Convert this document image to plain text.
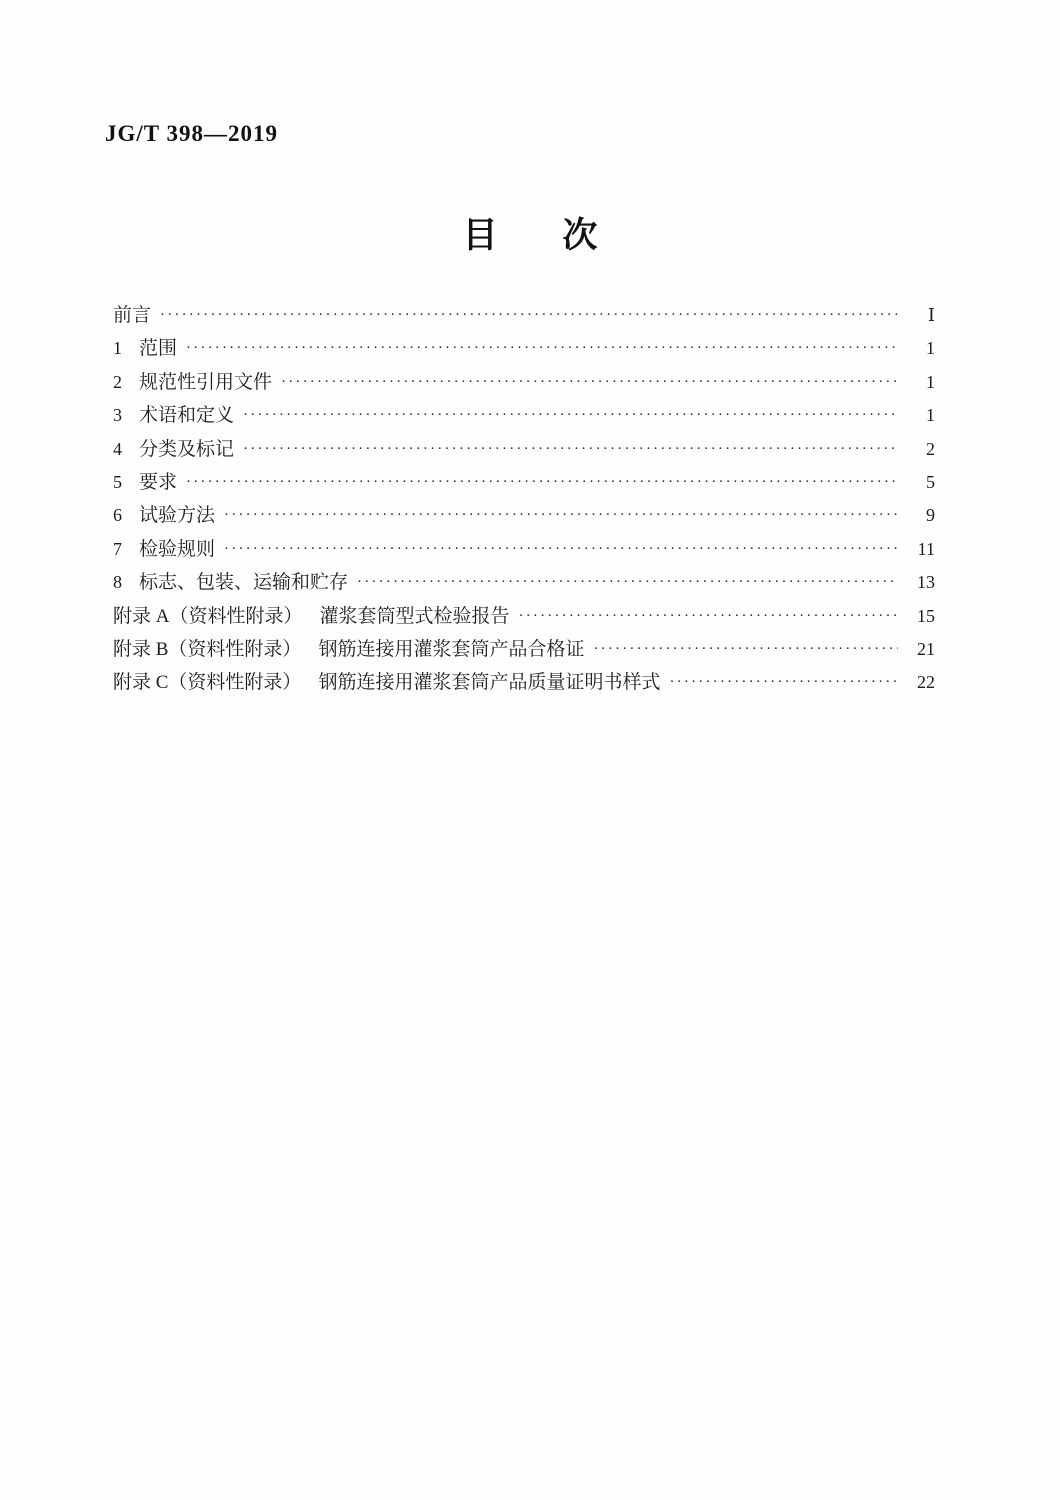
JG/T 398—2019
目 次
前言 ·····	Ⅰ
1 范围 ·····	1
2 规范性引用文件 ·····	1
3 术语和定义 ·····	1
4 分类及标记 ·····	2
5 要求 ·····	5
6 试验方法 ·····	9
7 检验规则 ·····	11
8 标志、包装、运输和贮存 ·····	13
附录 A（资料性附录） 灌浆套筒型式检验报告 ·····	15
附录 B（资料性附录） 钢筋连接用灌浆套筒产品合格证 ·····	21
附录 C（资料性附录） 钢筋连接用灌浆套筒产品质量证明书样式 ·····	22
